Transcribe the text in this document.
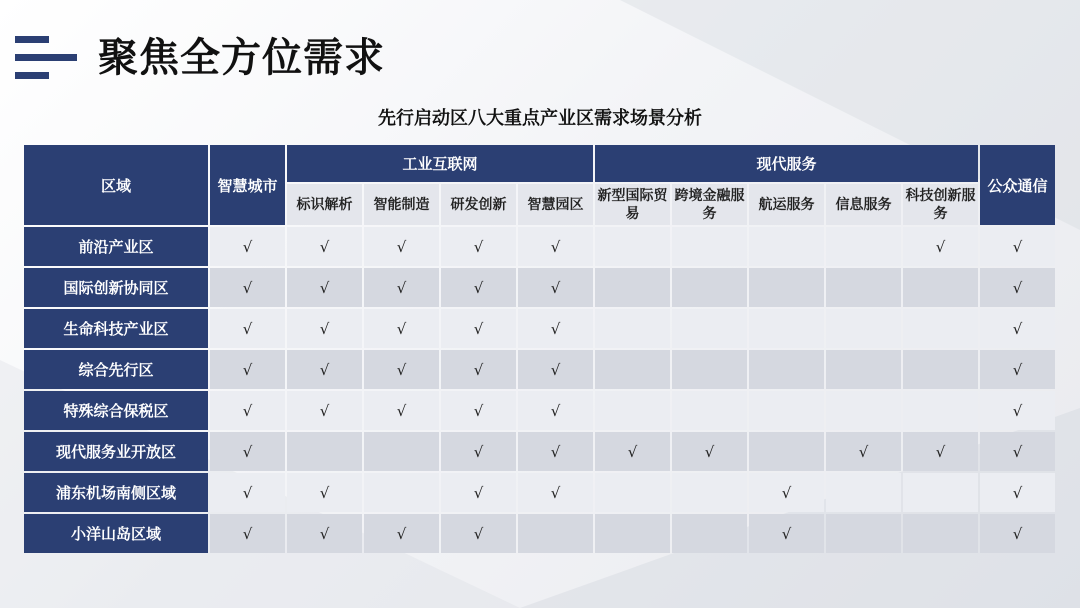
聚焦全方位需求
先行启动区八大重点产业区需求场景分析
区域	智慧城市	工业互联网				现代服务					公众通信
		标识解析	智能制造	研发创新	智慧园区	新型国际贸易	跨境金融服务	航运服务	信息服务	科技创新服务	
前沿产业区	√	√	√	√	√					√	√
国际创新协同区	√	√	√	√	√						√
生命科技产业区	√	√	√	√	√						√
综合先行区	√	√	√	√	√						√
特殊综合保税区	√	√	√	√	√						√
现代服务业开放区	√			√	√	√	√		√	√	√
浦东机场南侧区域	√	√		√	√			√			√
小洋山岛区域	√	√	√	√				√			√
